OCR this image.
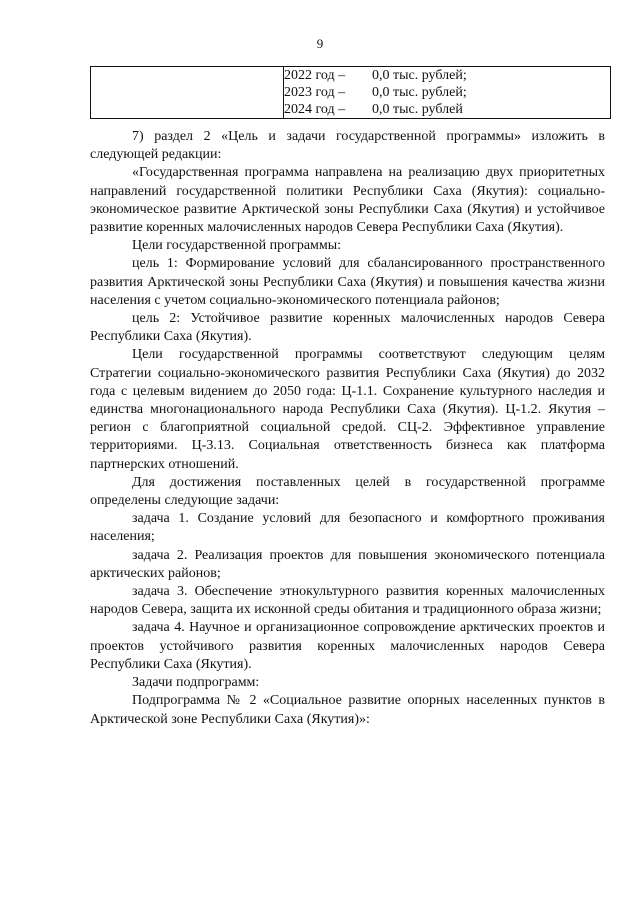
9

2022 год –	0,0 тыс. рублей;
2023 год –	0,0 тыс. рублей;
2024 год –	0,0 тыс. рублей

7) раздел 2 «Цель и задачи государственной программы» изложить в следующей редакции:

«Государственная программа направлена на реализацию двух приоритетных направлений государственной политики Республики Саха (Якутия): социально-экономическое развитие Арктической зоны Республики Саха (Якутия) и устойчивое развитие коренных малочисленных народов Севера Республики Саха (Якутия).

Цели государственной программы:

цель 1: Формирование условий для сбалансированного пространственного развития Арктической зоны Республики Саха (Якутия) и повышения качества жизни населения с учетом социально-экономического потенциала районов;

цель 2: Устойчивое развитие коренных малочисленных народов Севера Республики Саха (Якутия).

Цели государственной программы соответствуют следующим целям Стратегии социально-экономического развития Республики Саха (Якутия) до 2032 года с целевым видением до 2050 года: Ц-1.1. Сохранение культурного наследия и единства многонационального народа Республики Саха (Якутия). Ц-1.2. Якутия – регион с благоприятной социальной средой. СЦ-2. Эффективное управление территориями. Ц-3.13. Социальная ответственность бизнеса как платформа партнерских отношений.

Для достижения поставленных целей в государственной программе определены следующие задачи:

задача 1. Создание условий для безопасного и комфортного проживания населения;

задача 2. Реализация проектов для повышения экономического потенциала арктических районов;

задача 3. Обеспечение этнокультурного развития коренных малочисленных народов Севера, защита их исконной среды обитания и традиционного образа жизни;

задача 4. Научное и организационное сопровождение арктических проектов и проектов устойчивого развития коренных малочисленных народов Севера Республики Саха (Якутия).

Задачи подпрограмм:

Подпрограмма № 2 «Социальное развитие опорных населенных пунктов в Арктической зоне Республики Саха (Якутия)»:
